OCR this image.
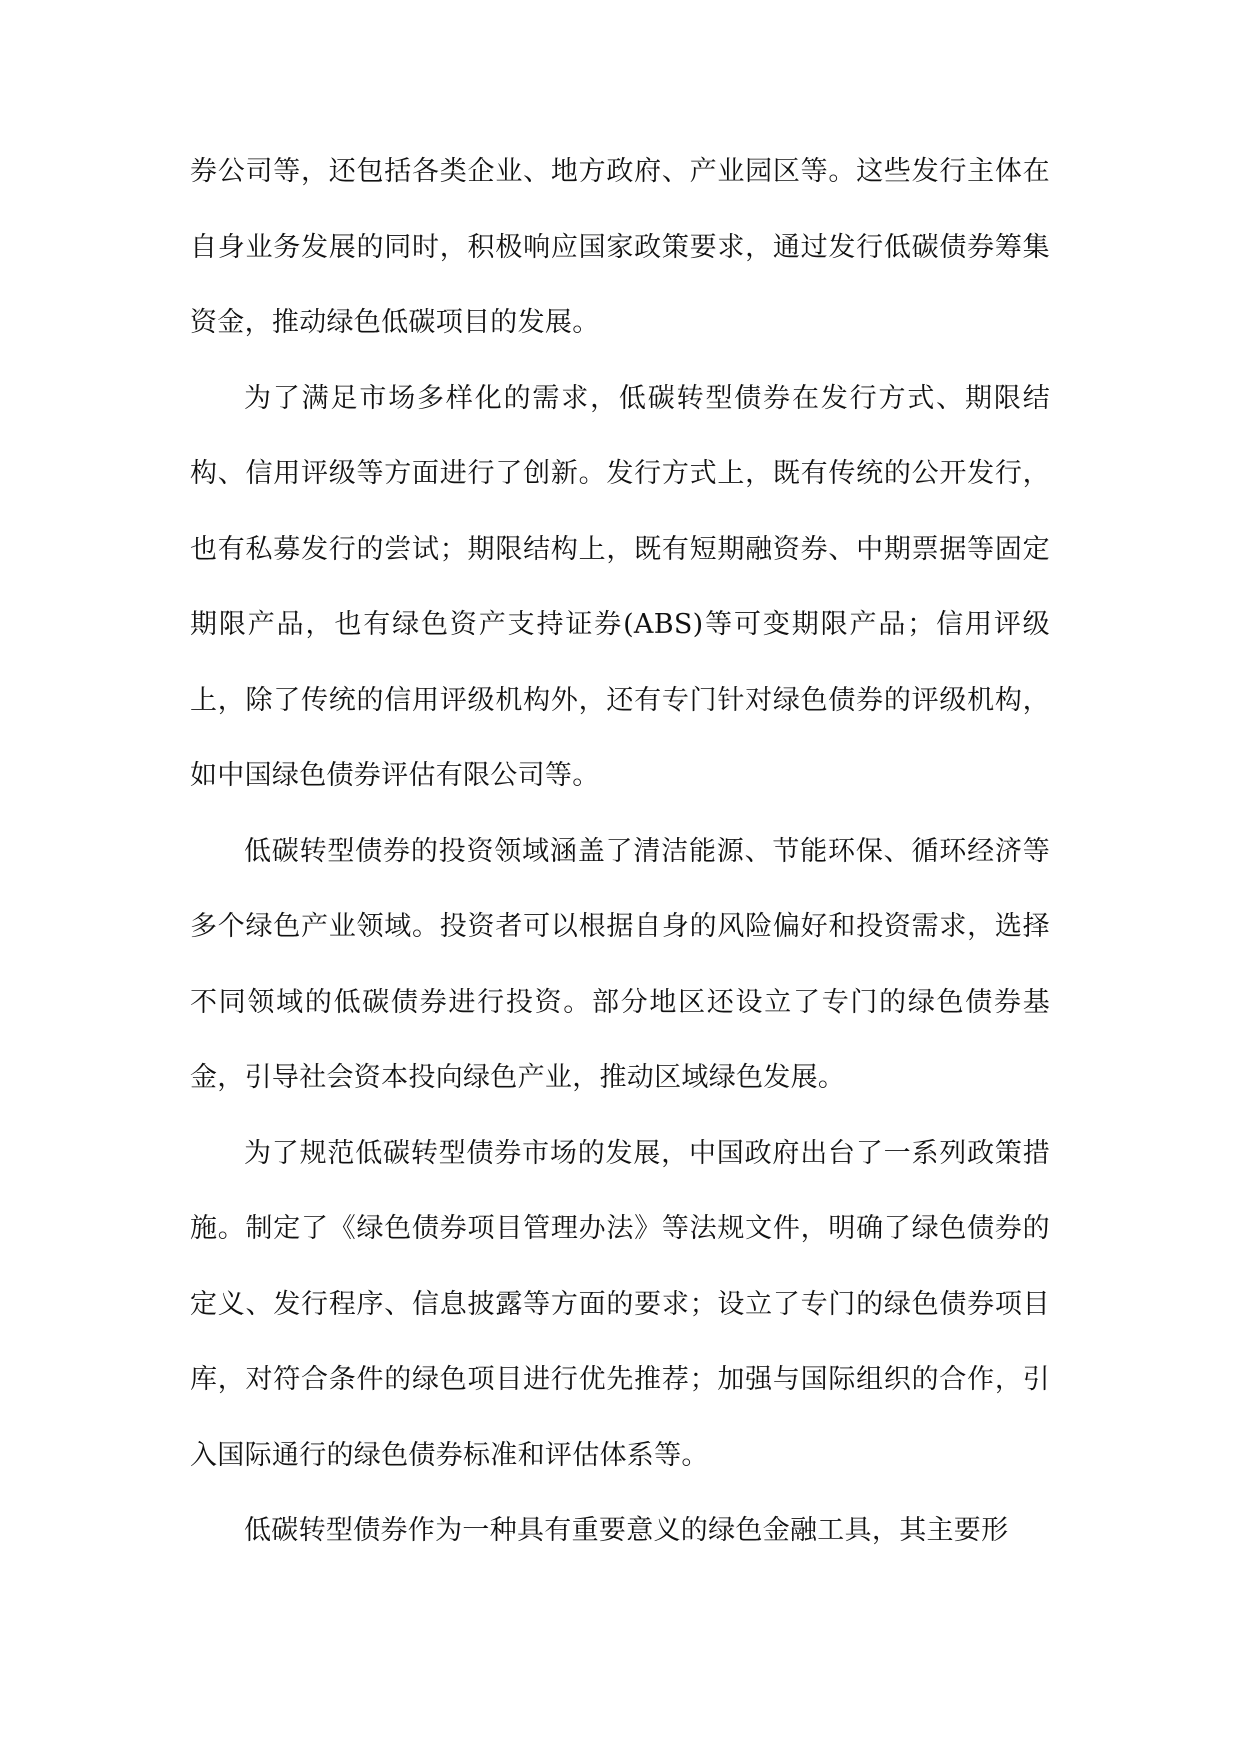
券公司等，还包括各类企业、地方政府、产业园区等。这些发行主体在自身业务发展的同时，积极响应国家政策要求，通过发行低碳债券筹集资金，推动绿色低碳项目的发展。

为了满足市场多样化的需求，低碳转型债券在发行方式、期限结构、信用评级等方面进行了创新。发行方式上，既有传统的公开发行，也有私募发行的尝试；期限结构上，既有短期融资券、中期票据等固定期限产品，也有绿色资产支持证券(ABS)等可变期限产品；信用评级上，除了传统的信用评级机构外，还有专门针对绿色债券的评级机构，如中国绿色债券评估有限公司等。

低碳转型债券的投资领域涵盖了清洁能源、节能环保、循环经济等多个绿色产业领域。投资者可以根据自身的风险偏好和投资需求，选择不同领域的低碳债券进行投资。部分地区还设立了专门的绿色债券基金，引导社会资本投向绿色产业，推动区域绿色发展。

为了规范低碳转型债券市场的发展，中国政府出台了一系列政策措施。制定了《绿色债券项目管理办法》等法规文件，明确了绿色债券的定义、发行程序、信息披露等方面的要求；设立了专门的绿色债券项目库，对符合条件的绿色项目进行优先推荐；加强与国际组织的合作，引入国际通行的绿色债券标准和评估体系等。

低碳转型债券作为一种具有重要意义的绿色金融工具，其主要形
